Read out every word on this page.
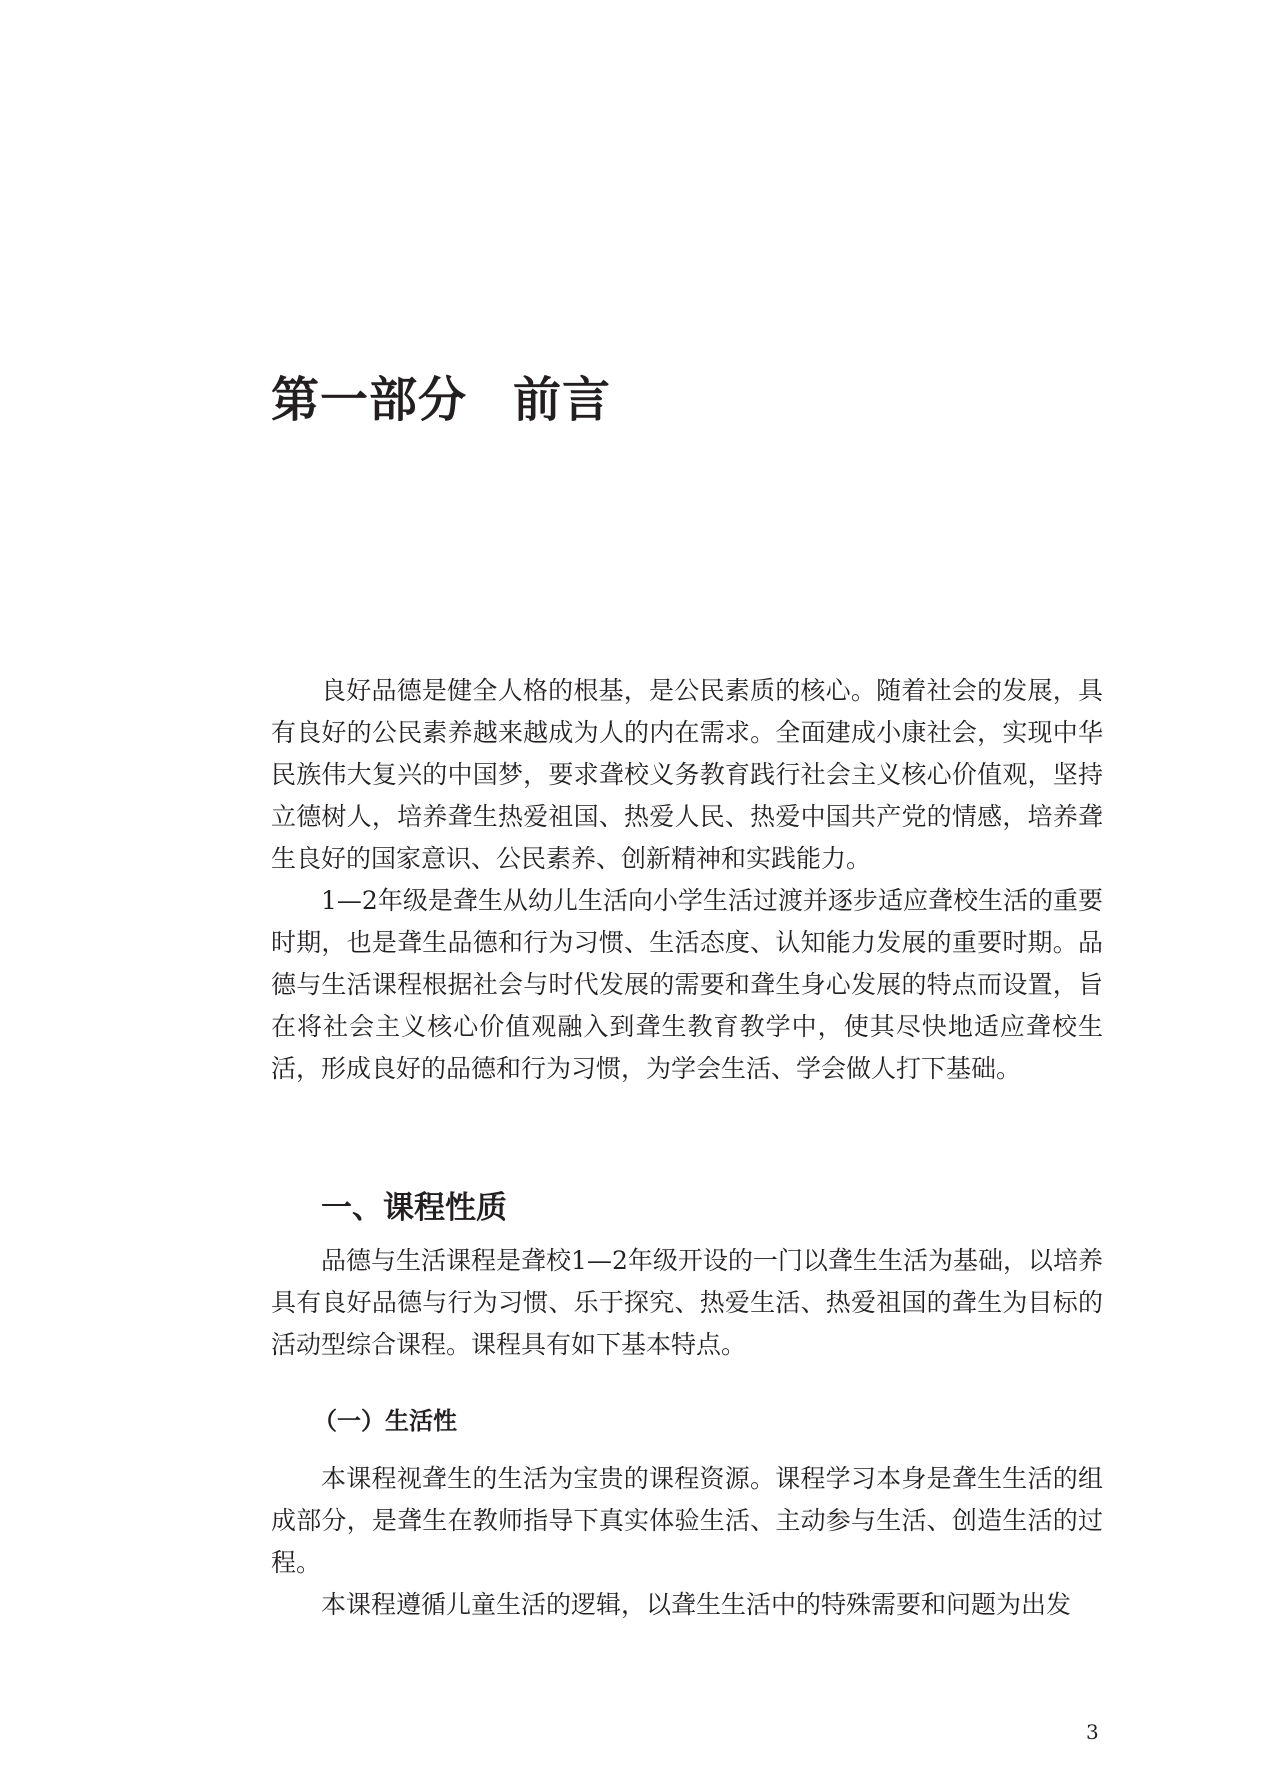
第一部分 前言

良好品德是健全人格的根基，是公民素质的核心。随着社会的发展，具有良好的公民素养越来越成为人的内在需求。全面建成小康社会，实现中华民族伟大复兴的中国梦，要求聋校义务教育践行社会主义核心价值观，坚持立德树人，培养聋生热爱祖国、热爱人民、热爱中国共产党的情感，培养聋生良好的国家意识、公民素养、创新精神和实践能力。

1—2年级是聋生从幼儿生活向小学生活过渡并逐步适应聋校生活的重要时期，也是聋生品德和行为习惯、生活态度、认知能力发展的重要时期。品德与生活课程根据社会与时代发展的需要和聋生身心发展的特点而设置，旨在将社会主义核心价值观融入到聋生教育教学中，使其尽快地适应聋校生活，形成良好的品德和行为习惯，为学会生活、学会做人打下基础。

一、课程性质

品德与生活课程是聋校1—2年级开设的一门以聋生生活为基础，以培养具有良好品德与行为习惯、乐于探究、热爱生活、热爱祖国的聋生为目标的活动型综合课程。课程具有如下基本特点。

（一）生活性

本课程视聋生的生活为宝贵的课程资源。课程学习本身是聋生生活的组成部分，是聋生在教师指导下真实体验生活、主动参与生活、创造生活的过程。

本课程遵循儿童生活的逻辑，以聋生生活中的特殊需要和问题为出发

3
